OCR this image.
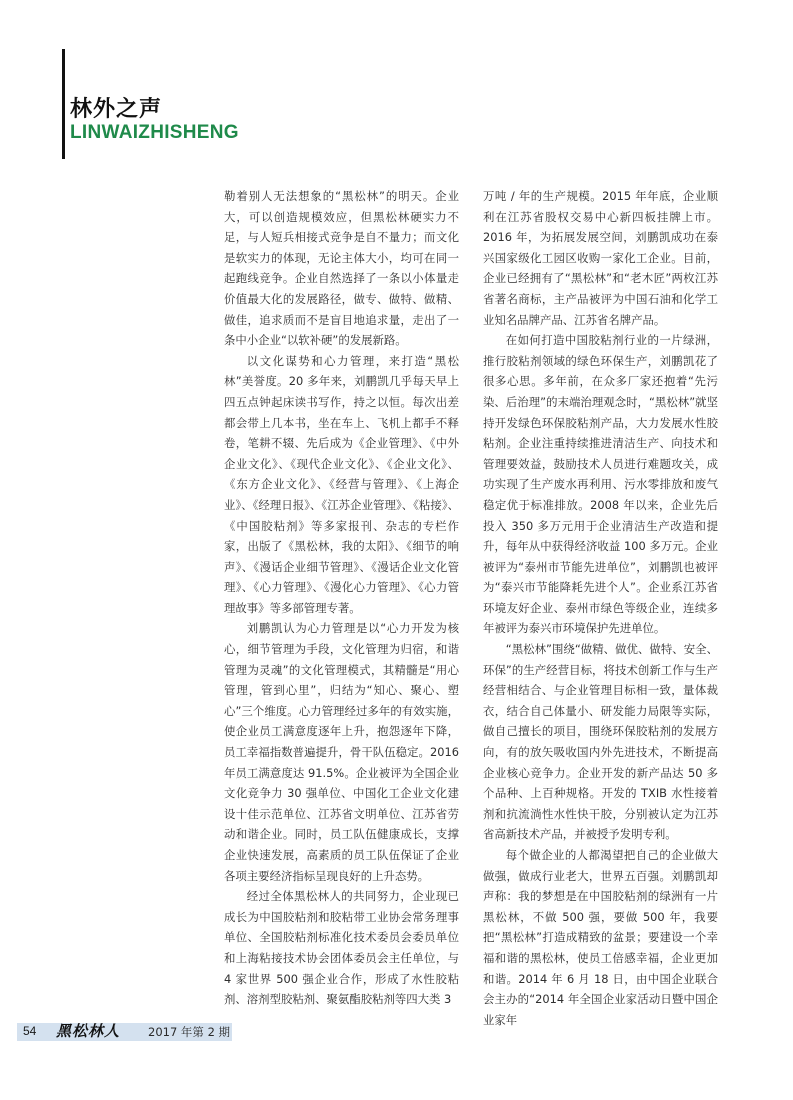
林外之声
LINWAIZHISHENG

勒着别人无法想象的“黑松林”的明天。企业大，可以创造规模效应，但黑松林硬实力不足，与人短兵相接式竞争是自不量力；而文化是软实力的体现，无论主体大小，均可在同一起跑线竞争。企业自然选择了一条以小体量走价值最大化的发展路径，做专、做特、做精、做佳，追求质而不是盲目地追求量，走出了一条中小企业“以软补硬”的发展新路。

以文化谋势和心力管理，来打造“黑松林”美誉度。20 多年来，刘鹏凯几乎每天早上四五点钟起床读书写作，持之以恒。每次出差都会带上几本书，坐在车上、飞机上都手不释卷，笔耕不辍、先后成为《企业管理》、《中外企业文化》、《现代企业文化》、《企业文化》、《东方企业文化》、《经营与管理》、《上海企业》、《经理日报》、《江苏企业管理》、《粘接》、《中国胶粘剂》等多家报刊、杂志的专栏作家，出版了《黑松林，我的太阳》、《细节的响声》、《漫话企业细节管理》、《漫话企业文化管理》、《心力管理》、《漫化心力管理》、《心力管理故事》等多部管理专著。

刘鹏凯认为心力管理是以“心力开发为核心，细节管理为手段，文化管理为归宿，和谐管理为灵魂”的文化管理模式，其精髓是“用心管理，管到心里”，归结为“知心、聚心、塑心”三个维度。心力管理经过多年的有效实施，使企业员工满意度逐年上升，抱怨逐年下降，员工幸福指数普遍提升，骨干队伍稳定。2016 年员工满意度达 91.5%。企业被评为全国企业文化竞争力 30 强单位、中国化工企业文化建设十佳示范单位、江苏省文明单位、江苏省劳动和谐企业。同时，员工队伍健康成长，支撑企业快速发展，高素质的员工队伍保证了企业各项主要经济指标呈现良好的上升态势。

经过全体黑松林人的共同努力，企业现已成长为中国胶粘剂和胶粘带工业协会常务理事单位、全国胶粘剂标准化技术委员会委员单位和上海粘接技术协会团体委员会主任单位，与 4 家世界 500 强企业合作，形成了水性胶粘剂、溶剂型胶粘剂、聚氨酯胶粘剂等四大类 3

万吨 / 年的生产规模。2015 年年底，企业顺利在江苏省股权交易中心新四板挂牌上市。2016 年，为拓展发展空间，刘鹏凯成功在泰兴国家级化工园区收购一家化工企业。目前，企业已经拥有了“黑松林”和“老木匠”两枚江苏省著名商标，主产品被评为中国石油和化学工业知名品牌产品、江苏省名牌产品。

在如何打造中国胶粘剂行业的一片绿洲，推行胶粘剂领域的绿色环保生产，刘鹏凯花了很多心思。多年前，在众多厂家还抱着“先污染、后治理”的末端治理观念时，“黑松林”就坚持开发绿色环保胶粘剂产品，大力发展水性胶粘剂。企业注重持续推进清洁生产、向技术和管理要效益，鼓励技术人员进行难题攻关，成功实现了生产废水再利用、污水零排放和废气稳定优于标准排放。2008 年以来，企业先后投入 350 多万元用于企业清洁生产改造和提升，每年从中获得经济收益 100 多万元。企业被评为“泰州市节能先进单位”，刘鹏凯也被评为“泰兴市节能降耗先进个人”。企业系江苏省环境友好企业、泰州市绿色等级企业，连续多年被评为泰兴市环境保护先进单位。

“黑松林”围绕“做精、做优、做特、安全、环保”的生产经营目标，将技术创新工作与生产经营相结合、与企业管理目标相一致，量体裁衣，结合自己体量小、研发能力局限等实际，做自己擅长的项目，围绕环保胶粘剂的发展方向，有的放矢吸收国内外先进技术，不断提高企业核心竞争力。企业开发的新产品达 50 多个品种、上百种规格。开发的 TXIB 水性接着剂和抗流淌性水性快干胶，分别被认定为江苏省高新技术产品，并被授予发明专利。

每个做企业的人都渴望把自己的企业做大做强，做成行业老大，世界五百强。刘鹏凯却声称：我的梦想是在中国胶粘剂的绿洲有一片黑松林，不做 500 强，要做 500 年，我要把“黑松林”打造成精致的盆景；要建设一个幸福和谐的黑松林，使员工倍感幸福，企业更加和谐。2014 年 6 月 18 日，由中国企业联合会主办的“2014 年全国企业家活动日暨中国企业家年

54 黑松林人 2017 年第 2 期
